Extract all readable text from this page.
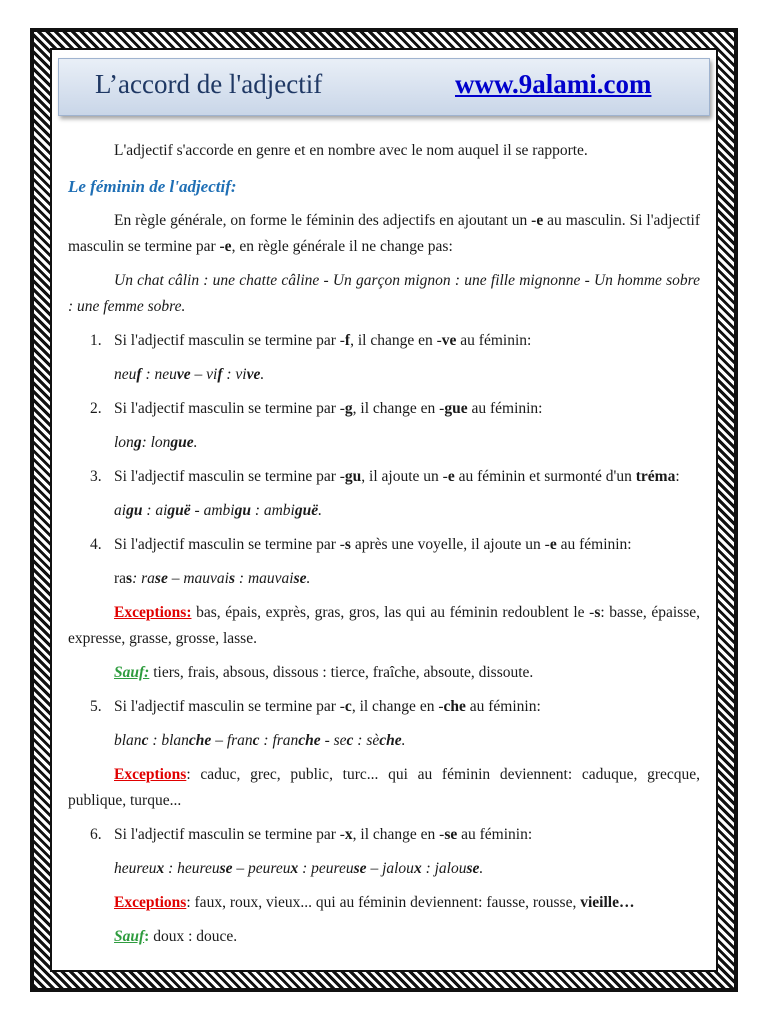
L’accord de l'adjectif	www.9alami.com

L'adjectif s'accorde en genre et en nombre avec le nom auquel il se rapporte.

Le féminin de l'adjectif:

En règle générale, on forme le féminin des adjectifs en ajoutant un -e au masculin. Si l'adjectif masculin se termine par -e, en règle générale il ne change pas:

Un chat câlin : une chatte câline - Un garçon mignon : une fille mignonne - Un homme sobre : une femme sobre.

1. Si l'adjectif masculin se termine par -f, il change en -ve au féminin:

neuf : neuve – vif : vive.

2. Si l'adjectif masculin se termine par -g, il change en -gue au féminin:

long: longue.

3. Si l'adjectif masculin se termine par -gu, il ajoute un -e au féminin et surmonté d'un tréma:

aigu : aiguë - ambigu : ambiguë.

4. Si l'adjectif masculin se termine par -s après une voyelle, il ajoute un -e au féminin:

ras: rase – mauvais : mauvaise.

Exceptions: bas, épais, exprès, gras, gros, las qui au féminin redoublent le -s: basse, épaisse, expresse, grasse, grosse, lasse.

Sauf: tiers, frais, absous, dissous : tierce, fraîche, absoute, dissoute.

5. Si l'adjectif masculin se termine par -c, il change en -che au féminin:

blanc : blanche – franc : franche - sec : sèche.

Exceptions: caduc, grec, public, turc... qui au féminin deviennent: caduque, grecque, publique, turque...

6. Si l'adjectif masculin se termine par -x, il change en -se au féminin:

heureux : heureuse – peureux : peureuse – jaloux : jalouse.

Exceptions: faux, roux, vieux... qui au féminin deviennent: fausse, rousse, vieille…

Sauf: doux : douce.
